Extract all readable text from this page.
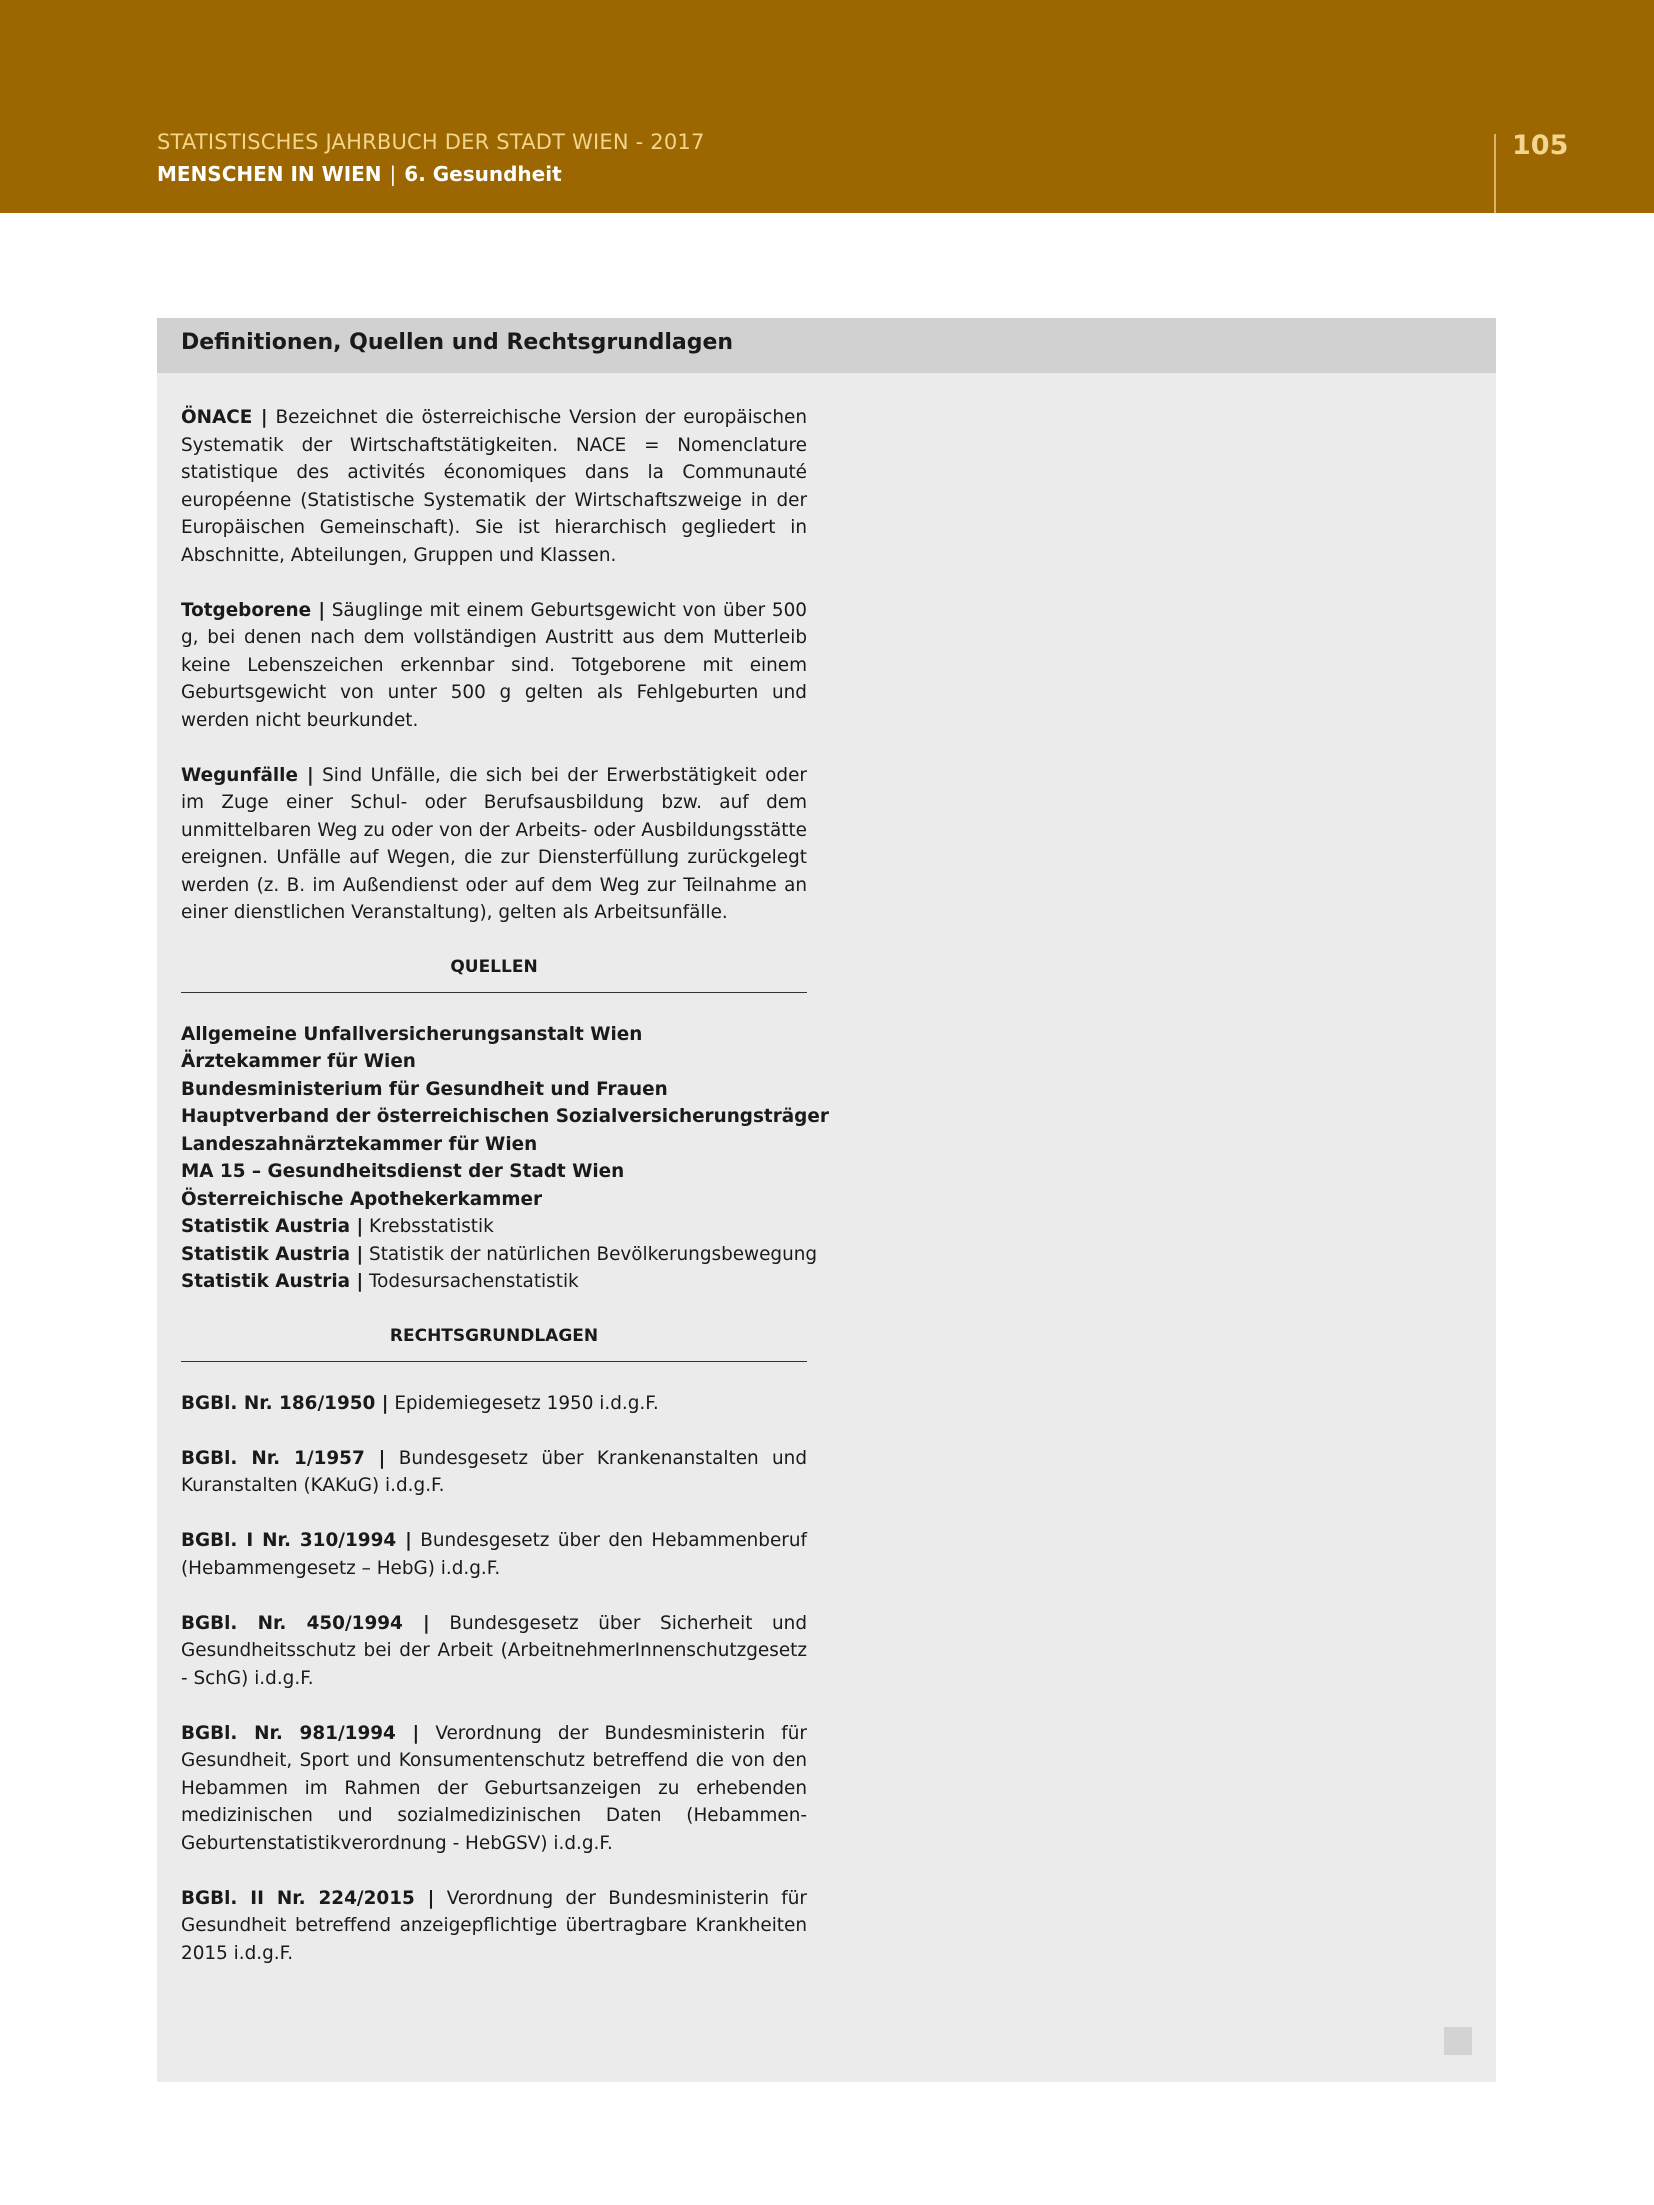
STATISTISCHES JAHRBUCH DER STADT WIEN - 2017
MENSCHEN IN WIEN | 6. Gesundheit
105
Definitionen, Quellen und Rechtsgrundlagen

ÖNACE | Bezeichnet die österreichische Version der europäischen Systematik der Wirtschaftstätigkeiten. NACE = Nomenclature statistique des activités économiques dans la Communauté européenne (Statistische Systematik der Wirtschaftszweige in der Europäischen Gemeinschaft). Sie ist hierarchisch gegliedert in Abschnitte, Abteilungen, Gruppen und Klassen.

Totgeborene | Säuglinge mit einem Geburtsgewicht von über 500 g, bei denen nach dem vollständigen Austritt aus dem Mutterleib keine Lebenszeichen erkennbar sind. Totgeborene mit einem Geburtsgewicht von unter 500 g gelten als Fehlgeburten und werden nicht beurkundet.

Wegunfälle | Sind Unfälle, die sich bei der Erwerbstätigkeit oder im Zuge einer Schul- oder Berufsausbildung bzw. auf dem unmittelbaren Weg zu oder von der Arbeits- oder Ausbildungsstätte ereignen. Unfälle auf Wegen, die zur Diensterfüllung zurückgelegt werden (z. B. im Außendienst oder auf dem Weg zur Teilnahme an einer dienstlichen Veranstaltung), gelten als Arbeitsunfälle.

QUELLEN
Allgemeine Unfallversicherungsanstalt Wien
Ärztekammer für Wien
Bundesministerium für Gesundheit und Frauen
Hauptverband der österreichischen Sozialversicherungsträger
Landeszahnärztekammer für Wien
MA 15 – Gesundheitsdienst der Stadt Wien
Österreichische Apothekerkammer
Statistik Austria | Krebsstatistik
Statistik Austria | Statistik der natürlichen Bevölkerungsbewegung
Statistik Austria | Todesursachenstatistik
RECHTSGRUNDLAGEN

BGBl. Nr. 186/1950 | Epidemiegesetz 1950 i.d.g.F.

BGBl. Nr. 1/1957 | Bundesgesetz über Krankenanstalten und Kuranstalten (KAKuG) i.d.g.F.

BGBl. I Nr. 310/1994 | Bundesgesetz über den Hebammenberuf (Hebammengesetz – HebG) i.d.g.F.

BGBl. Nr. 450/1994 | Bundesgesetz über Sicherheit und Gesundheitsschutz bei der Arbeit (ArbeitnehmerInnenschutzgesetz - SchG) i.d.g.F.

BGBl. Nr. 981/1994 | Verordnung der Bundesministerin für Gesundheit, Sport und Konsumentenschutz betreffend die von den Hebammen im Rahmen der Geburtsanzeigen zu erhebenden medizinischen und sozialmedizinischen Daten (Hebammen-Geburtenstatistikverordnung - HebGSV) i.d.g.F.

BGBl. II Nr. 224/2015 | Verordnung der Bundesministerin für Gesundheit betreffend anzeigepflichtige übertragbare Krankheiten 2015 i.d.g.F.
